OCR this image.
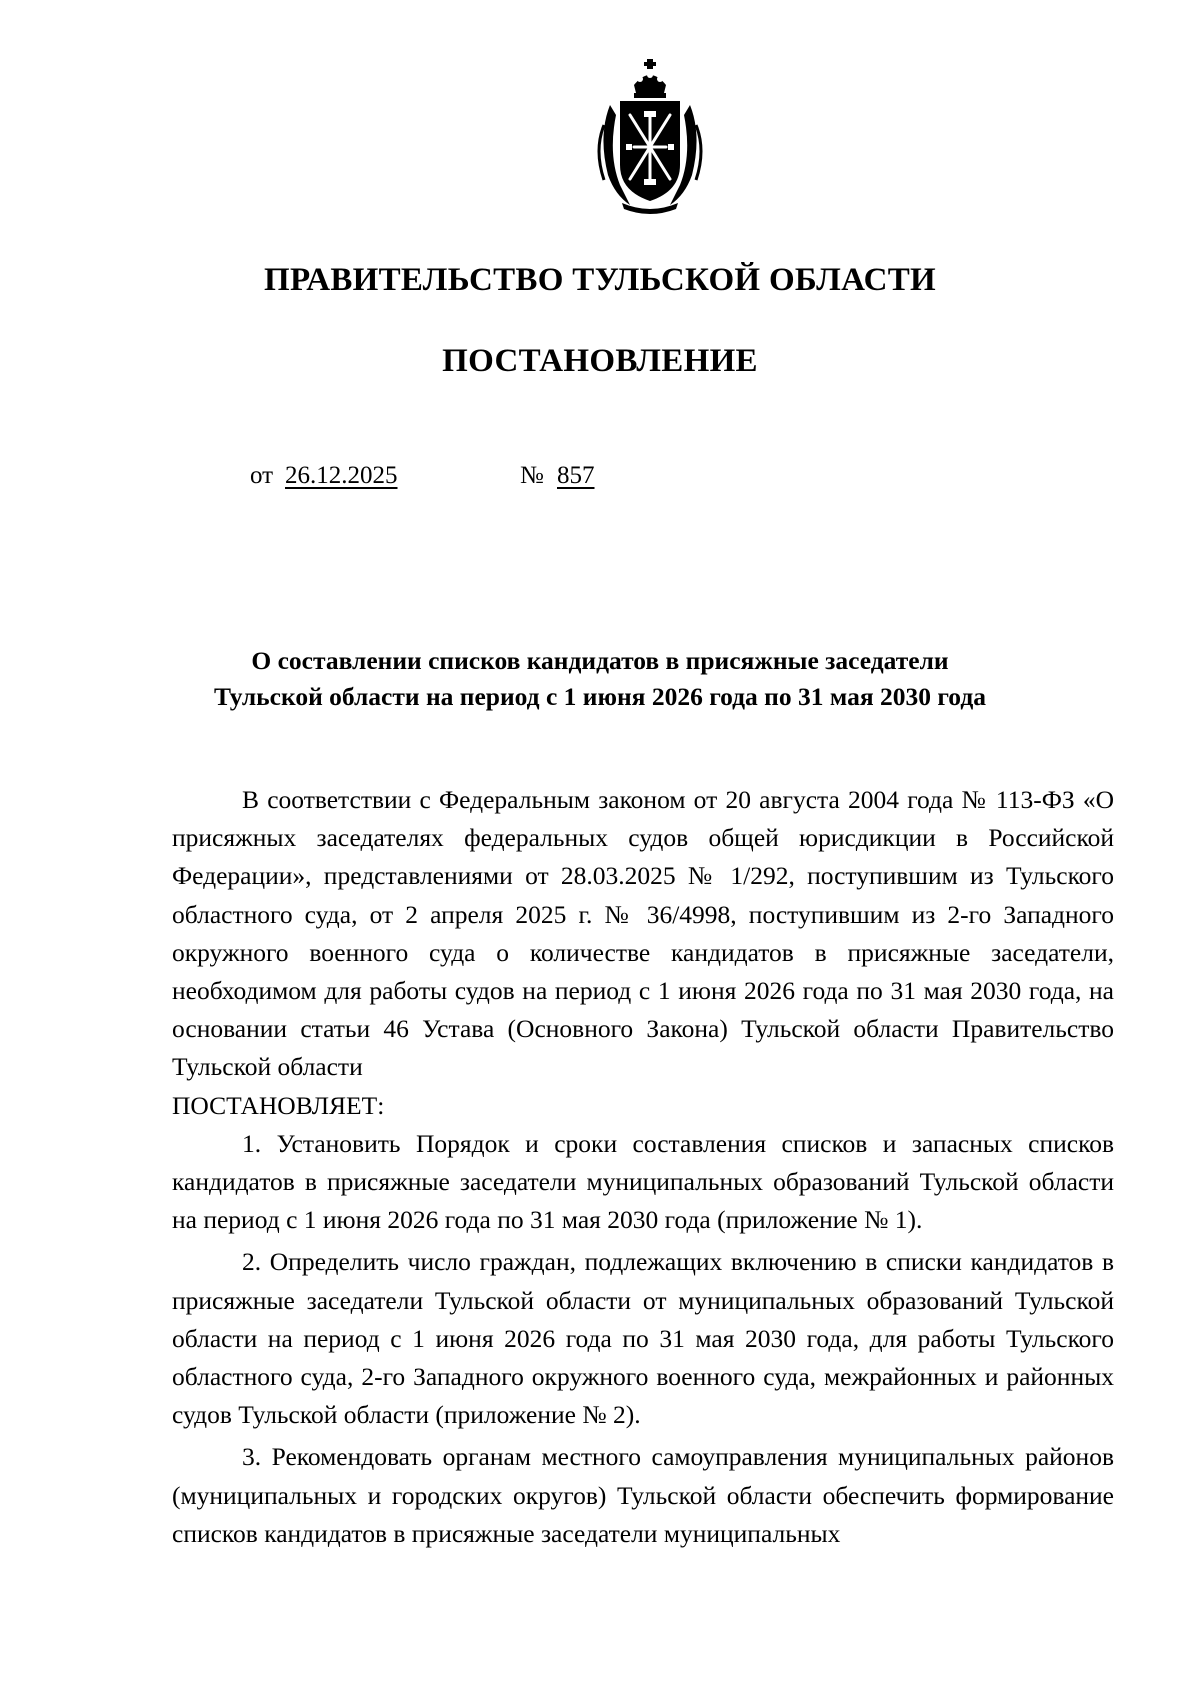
ПРАВИТЕЛЬСТВО ТУЛЬСКОЙ ОБЛАСТИ
ПОСТАНОВЛЕНИЕ
от 26.12.2025	№ 857
О составлении списков кандидатов в присяжные заседатели
Тульской области на период с 1 июня 2026 года по 31 мая 2030 года

В соответствии с Федеральным законом от 20 августа 2004 года № 113-ФЗ «О присяжных заседателях федеральных судов общей юрисдикции в Российской Федерации», представлениями от 28.03.2025 № 1/292, поступившим из Тульского областного суда, от 2 апреля 2025 г. № 36/4998, поступившим из 2-го Западного окружного военного суда о количестве кандидатов в присяжные заседатели, необходимом для работы судов на период с 1 июня 2026 года по 31 мая 2030 года, на основании статьи 46 Устава (Основного Закона) Тульской области Правительство Тульской области

ПОСТАНОВЛЯЕТ:

1. Установить Порядок и сроки составления списков и запасных списков кандидатов в присяжные заседатели муниципальных образований Тульской области на период с 1 июня 2026 года по 31 мая 2030 года (приложение № 1).

2. Определить число граждан, подлежащих включению в списки кандидатов в присяжные заседатели Тульской области от муниципальных образований Тульской области на период с 1 июня 2026 года по 31 мая 2030 года, для работы Тульского областного суда, 2-го Западного окружного военного суда, межрайонных и районных судов Тульской области (приложение № 2).

3. Рекомендовать органам местного самоуправления муниципальных районов (муниципальных и городских округов) Тульской области обеспечить формирование списков кандидатов в присяжные заседатели муниципальных
